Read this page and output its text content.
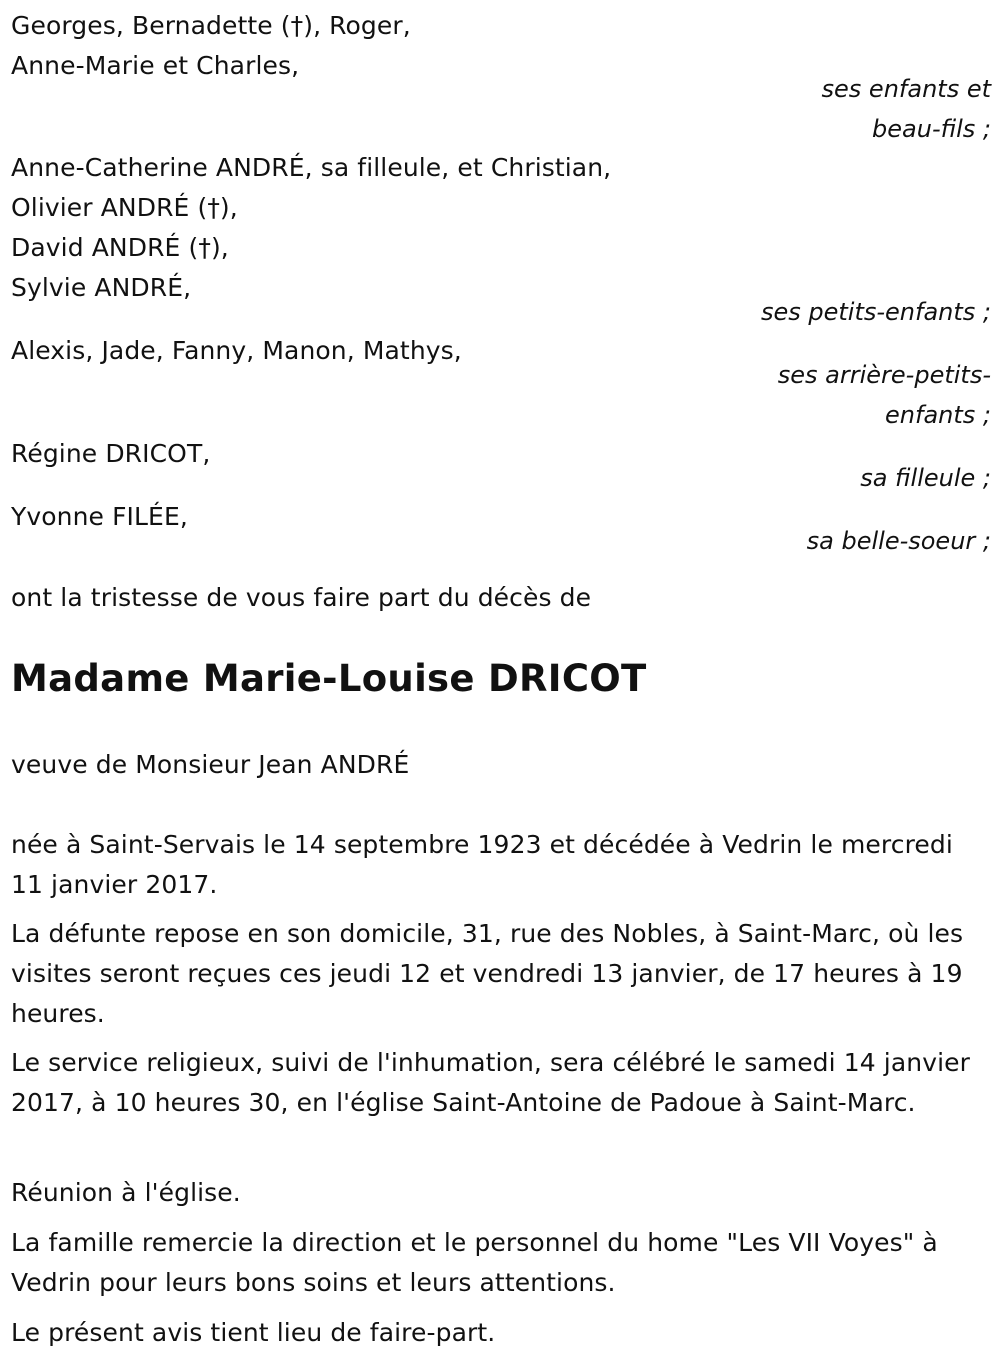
Georges, Bernadette (†), Roger,
Anne-Marie et Charles,
ses enfants et
beau-fils ;
Anne-Catherine ANDRÉ, sa filleule, et Christian,
Olivier ANDRÉ (†),
David ANDRÉ (†),
Sylvie ANDRÉ,
ses petits-enfants ;
Alexis, Jade, Fanny, Manon, Mathys,
ses arrière-petits-
enfants ;
Régine DRICOT,
sa filleule ;
Yvonne FILÉE,
sa belle-soeur ;
ont la tristesse de vous faire part du décès de
Madame Marie-Louise DRICOT
veuve de Monsieur Jean ANDRÉ
née à Saint-Servais le 14 septembre 1923 et décédée à Vedrin le mercredi 11 janvier 2017.
La défunte repose en son domicile, 31, rue des Nobles, à Saint-Marc, où les visites seront reçues ces jeudi 12 et vendredi 13 janvier, de 17 heures à 19 heures.
Le service religieux, suivi de l'inhumation, sera célébré le samedi 14 janvier 2017, à 10 heures 30, en l'église Saint-Antoine de Padoue à Saint-Marc.
Réunion à l'église.
La famille remercie la direction et le personnel du home "Les VII Voyes" à Vedrin pour leurs bons soins et leurs attentions.
Le présent avis tient lieu de faire-part.
